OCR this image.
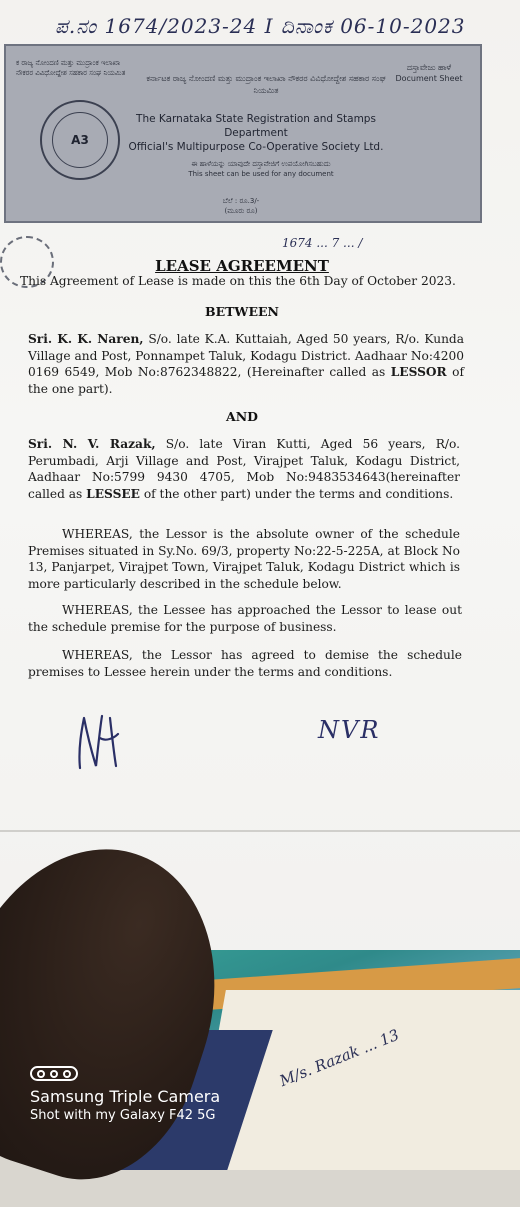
ಪ.ನಂ 1674/2023-24 I ದಿನಾಂಕ 06-10-2023
ಕ ರಾಜ್ಯ ನೋಂದಣಿ ಮತ್ತು ಮುದ್ರಾಂಕ ಇಲಾಖಾ ನೌಕರರ ವಿವಿಧೋದ್ದೇಶ ಸಹಕಾರ ಸಂಘ ನಿಯಮಿತ
ದಸ್ತಾವೇಜು ಹಾಳೆ
Document Sheet
ಕರ್ನಾಟಕ ರಾಜ್ಯ ನೋಂದಣಿ ಮತ್ತು ಮುದ್ರಾಂಕ ಇಲಾಖಾ ನೌಕರರ ವಿವಿಧೋದ್ದೇಶ ಸಹಕಾರ ಸಂಘ ನಿಯಮಿತ
A3
The Karnataka State Registration and Stamps Department
Official's Multipurpose Co-Operative Society Ltd.
ಈ ಹಾಳೆಯನ್ನು ಯಾವುದೇ ದಸ್ತಾವೇಜಿಗೆ ಉಪಯೋಗಿಸಬಹುದು
This sheet can be used for any document
ಬೆಲೆ : ರೂ.3/-
(ಮೂರು ರೂ)
1674 ... 7 ... /
LEASE AGREEMENT
This Agreement of Lease is made on this the 6th Day of October 2023.
BETWEEN
Sri. K. K. Naren, S/o. late K.A. Kuttaiah, Aged 50 years, R/o. Kunda Village and Post, Ponnampet Taluk, Kodagu District. Aadhaar No:4200 0169 6549, Mob No:8762348822, (Hereinafter called as LESSOR of the one part).
AND
Sri. N. V. Razak, S/o. late Viran Kutti, Aged 56 years, R/o. Perumbadi, Arji Village and Post, Virajpet Taluk, Kodagu District, Aadhaar No:5799 9430 4705, Mob No:9483534643(hereinafter called as LESSEE of the other part) under the terms and conditions.
WHEREAS, the Lessor is the absolute owner of the schedule Premises situated in Sy.No. 69/3, property No:22-5-225A, at Block No 13, Panjarpet, Virajpet Town, Virajpet Taluk, Kodagu District which is more particularly described in the schedule below.
WHEREAS, the Lessee has approached the Lessor to lease out the schedule premise for the purpose of business.
WHEREAS, the Lessor has agreed to demise the schedule premises to Lessee herein under the terms and conditions.
NVR
M/s. Razak ... 13
Samsung Triple Camera
Shot with my Galaxy F42 5G
